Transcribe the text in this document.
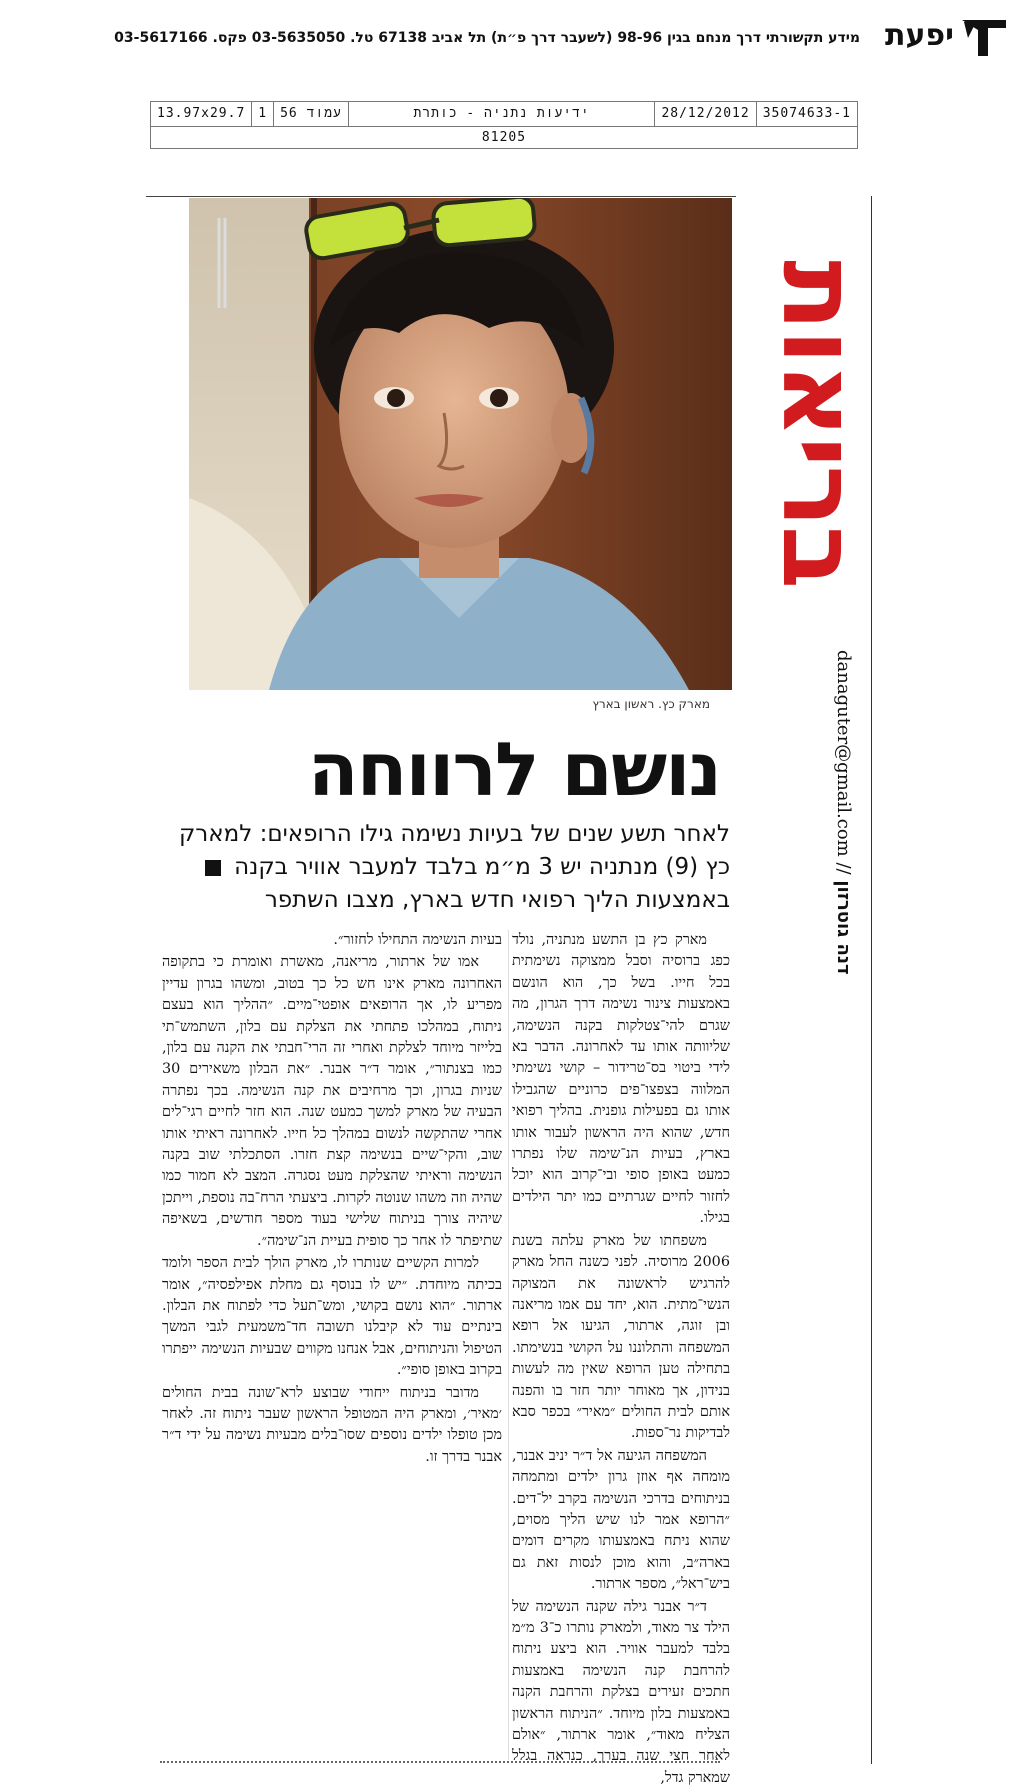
יפעת
מידע תקשורתי דרך מנחם בגין 98-96 (לשעבר דרך פ״ת) תל אביב 67138 טל. 03-5635050 פקס. 03-5617166
35074633-1
28/12/2012
ידיעות נתניה - כותרת
עמוד 56
1
13.97x29.7
81205
מארק כץ. ראשון בארץ
בריאות
danaguter@gmail.com // דנה גוטרזון
נושם לרווחה
לאחר תשע שנים של בעיות נשימה גילו הרופאים: למארק כץ (9) מנתניה יש 3 מ״מ בלבד למעבר אוויר בקנה  באמצעות הליך רפואי חדש בארץ, מצבו השתפר

מארק כץ בן התשע מנתניה, נולד כפג ברוסיה וסבל ממצוקה נשימתית בכל חייו. בשל כך, הוא הונשם באמצעות צינור נשימה דרך הגרון, מה שגרם להי־צטלקות בקנה הנשימה, שליוותה אותו עד לאחרונה. הדבר בא לידי ביטוי בס־טרידור – קושי נשימתי המלווה בצפצו־פים כרוניים שהגבילו אותו גם בפעילות גופנית. בהליך רפואי חדש, שהוא היה הראשון לעבור אותו בארץ, בעיות הנ־שימה שלו נפתרו כמעט באופן סופי ובי־קרוב הוא יוכל לחזור לחיים שגרתיים כמו יתר הילדים בגילו.

משפחתו של מארק עלתה בשנת 2006 מרוסיה. לפני כשנה החל מארק להרגיש לראשונה את המצוקה הנשי־מתית. הוא, יחד עם אמו מריאנה ובן זוגה, ארתור, הגיעו אל רופא המשפחה והתלוננו על הקושי בנשימתו. בתחילה טען הרופא שאין מה לעשות בנידון, אך מאוחר יותר חזר בו והפנה אותם לבית החולים ״מאיר״ בכפר סבא לבדיקות נר־ספות.

המשפחה הגיעה אל ד״ר יניב אבנר, מומחה אף אוזן גרון ילדים ומתמחה בניתוחים בדרכי הנשימה בקרב יל־דים. ״הרופא אמר לנו שיש הליך מסוים, שהוא ניתח באמצעותו מקרים דומים בארה״ב, והוא מוכן לנסות זאת גם ביש־ראל״, מספר ארתור.

ד״ר אבנר גילה שקנה הנשימה של הילד צר מאוד, ולמארק נותרו כ־3 מ״מ בלבד למעבר אוויר. הוא ביצע ניתוח להרחבת קנה הנשימה באמצעות חתכים זעירים בצלקת והרחבת הקנה באמצעות בלון מיוחד. ״הניתוח הראשון הצליח מאוד״, אומר ארתור, ״אולם לאחר חצי שנה בערך, כנראה בגלל שמארק גדל,

בעיות הנשימה התחילו לחזור״.

אמו של ארתור, מריאנה, מאשרת ואומרת כי בתקופה האחרונה מארק אינו חש כל כך בטוב, ומשהו בגרון עדיין מפריע לו, אך הרופאים אופטי־מיים. ״ההליך הוא בעצם ניתוח, במהלכו פתחתי את הצלקת עם בלון, השתמש־תי בלייזר מיוחד לצלקת ואחרי זה הרי־חבתי את הקנה עם בלון, כמו בצנתור״, אומר ד״ר אבנר. ״את הבלון משאירים 30 שניות בגרון, וכך מרחיבים את קנה הנשימה. בכך נפתרה הבעיה של מארק למשך כמעט שנה. הוא חזר לחיים רגי־לים אחרי שהתקשה לנשום במהלך כל חייו. לאחרונה ראיתי אותו שוב, והקי־שיים בנשימה קצת חזרו. הסתכלתי שוב בקנה הנשימה וראיתי שהצלקת מעט נסגרה. המצב לא חמור כמו שהיה וזה משהו שנוטה לקרות. ביצעתי הרח־בה נוספת, וייתכן שיהיה צורך בניתוח שלישי בעוד מספר חודשים, בשאיפה שתיפתר לו אחר כך סופית בעיית הנ־שימה״.

למרות הקשיים שנותרו לו, מארק הולך לבית הספר ולומד בכיתה מיוחדת. ״יש לו בנוסף גם מחלת אפילפסיה״, אומר ארתור. ״הוא נושם בקושי, ומש־תעל כדי לפתוח את הבלון. בינתיים עוד לא קיבלנו תשובה חד־משמעית לגבי המשך הטיפול והניתוחים, אבל אנחנו מקווים שבעיות הנשימה ייפתרו בקרוב באופן סופי״.

מדובר בניתוח ייחודי שבוצע לרא־שונה בבית החולים ׳מאיר׳, ומארק היה המטופל הראשון שעבר ניתוח זה. לאחר מכן טופלו ילדים נוספים שסו־בלים מבעיות נשימה על ידי ד״ר אבנר בדרך זו.
